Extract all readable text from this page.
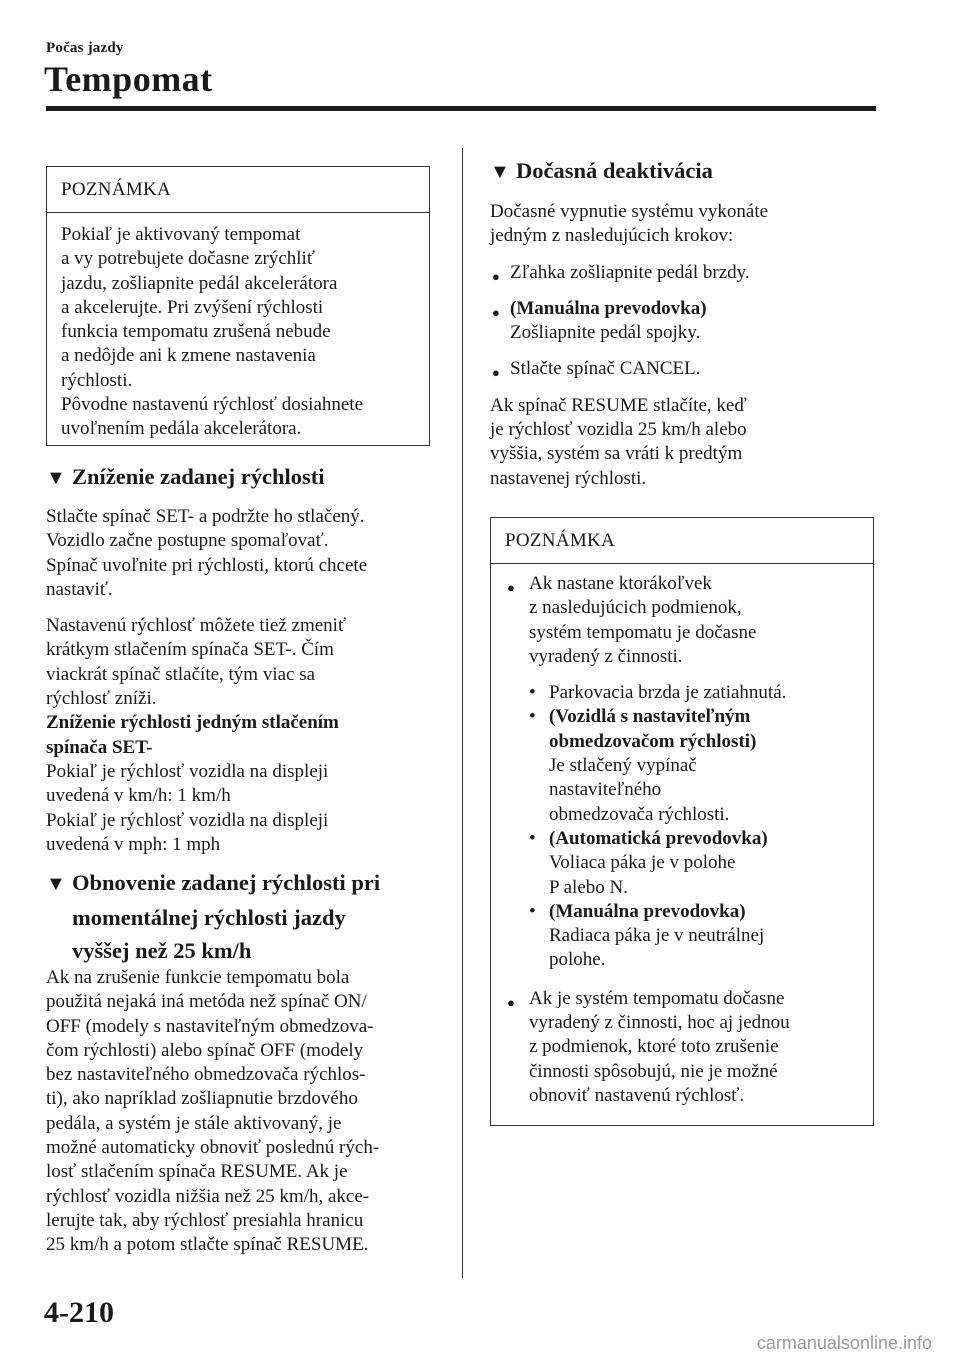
Počas jazdy
Tempomat
POZNÁMKA

Pokiaľ je aktivovaný tempomat

a vy potrebujete dočasne zrýchliť

jazdu, zošliapnite pedál akcelerátora

a akcelerujte. Pri zvýšení rýchlosti

funkcia tempomatu zrušená nebude

a nedôjde ani k zmene nastavenia

rýchlosti.

Pôvodne nastavenú rýchlosť dosiahnete

uvoľnením pedála akcelerátora.

▼ Zníženie zadanej rýchlosti

Stlačte spínač SET- a podržte ho stlačený.

Vozidlo začne postupne spomaľovať.

Spínač uvoľnite pri rýchlosti, ktorú chcete

nastaviť.

Nastavenú rýchlosť môžete tiež zmeniť

krátkym stlačením spínača SET-. Čím

viackrát spínač stlačíte, tým viac sa

rýchlosť zníži.

Zníženie rýchlosti jedným stlačením

spínača SET-

Pokiaľ je rýchlosť vozidla na displeji

uvedená v km/h: 1 km/h

Pokiaľ je rýchlosť vozidla na displeji

uvedená v mph: 1 mph

▼ Obnovenie zadanej rýchlosti pri
momentálnej rýchlosti jazdy
vyššej než 25 km/h

Ak na zrušenie funkcie tempomatu bola

použitá nejaká iná metóda než spínač ON/

OFF (modely s nastaviteľným obmedzova-

čom rýchlosti) alebo spínač OFF (modely

bez nastaviteľného obmedzovača rýchlos-

ti), ako napríklad zošliapnutie brzdového

pedála, a systém je stále aktivovaný, je

možné automaticky obnoviť poslednú rých-

losť stlačením spínača RESUME. Ak je

rýchlosť vozidla nižšia než 25 km/h, akce-

lerujte tak, aby rýchlosť presiahla hranicu

25 km/h a potom stlačte spínač RESUME.

▼ Dočasná deaktivácia

Dočasné vypnutie systému vykonáte

jedným z nasledujúcich krokov:

● Zľahka zošliapnite pedál brzdy.
● (Manuálna prevodovka)
Zošliapnite pedál spojky.
● Stlačte spínač CANCEL.

Ak spínač RESUME stlačíte, keď

je rýchlosť vozidla 25 km/h alebo

vyššia, systém sa vráti k predtým

nastavenej rýchlosti.

POZNÁMKA
● Ak nastane ktorákoľvek

z nasledujúcich podmienok,

systém tempomatu je dočasne

vyradený z činnosti.

• Parkovacia brzda je zatiahnutá.
• (Vozidlá s nastaviteľným
obmedzovačom rýchlosti)
Je stlačený vypínač
nastaviteľného
obmedzovača rýchlosti.
• (Automatická prevodovka)
Voliaca páka je v polohe
P alebo N.
• (Manuálna prevodovka)
Radiaca páka je v neutrálnej
polohe.
● Ak je systém tempomatu dočasne

vyradený z činnosti, hoc aj jednou

z podmienok, ktoré toto zrušenie

činnosti spôsobujú, nie je možné

obnoviť nastavenú rýchlosť.

4-210
carmanualsonline.info
